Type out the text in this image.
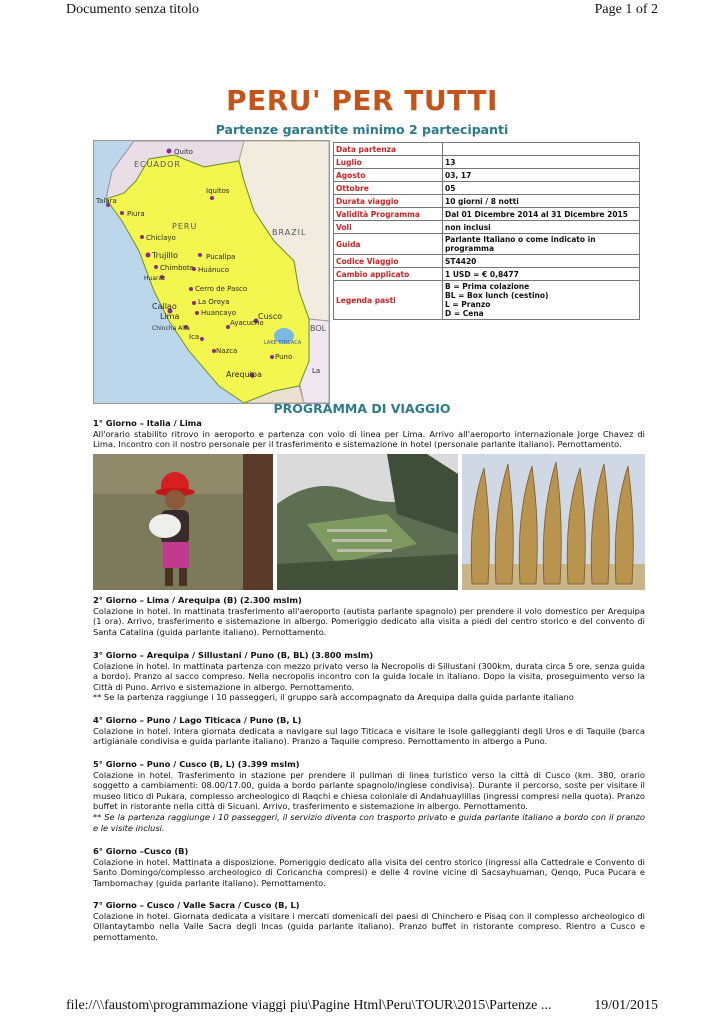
Documento senza titolo	Page 1 of 2
PERU' PER TUTTI
Partenze garantite minimo 2 partecipanti
Quito
ECUADOR
Iquitos
Talara
Piura
PERU
BRAZIL
Chiclayo
Trujillo	Pucallpa
Chimbote
Huaraz
Huánuco
Cerro de Pasco
La Oroya
Callao
Lima	Huancayo
Chincha Alta
Ica
Ayacucho
Cusco
Nazca
LAKE TITICACA
Puno
Arequipa
BOL
La
Data partenza	
Luglio	13
Agosto	03, 17
Ottobre	05
Durata viaggio	10 giorni / 8 notti
Validità Programma	Dal 01 Dicembre 2014 al 31 Dicembre 2015
Voli	non inclusi
Guida	Parlante Italiano o come indicato in programma
Codice Viaggio	ST4420
Cambio applicato	1 USD = € 0,8477
Legenda pasti	B = Prima colazione
BL = Box lunch (cestino)
L = Pranzo
D = Cena
PROGRAMMA DI VIAGGIO
1° Giorno – Italia / Lima

All'orario stabilito ritrovo in aeroporto e partenza con volo di linea per Lima. Arrivo all'aeroporto internazionale Jorge Chavez di Lima. Incontro con il nostro personale per il trasferimento e sistemazione in hotel (personale parlante italiano). Pernottamento.

2° Giorno – Lima / Arequipa (B) (2.300 mslm)

Colazione in hotel. In mattinata trasferimento all'aeroporto (autista parlante spagnolo) per prendere il volo domestico per Arequipa (1 ora). Arrivo, trasferimento e sistemazione in albergo. Pomeriggio dedicato alla visita a piedi del centro storico e del convento di Santa Catalina (guida parlante italiano). Pernottamento.

3° Giorno – Arequipa / Sillustani / Puno (B, BL) (3.800 mslm)

Colazione in hotel. In mattinata partenza con mezzo privato verso la Necropolis di Sillustani (300km, durata circa 5 ore, senza guida a bordo). Pranzo al sacco compreso. Nella necropolis incontro con la guida locale in italiano. Dopo la visita, proseguimento verso la Città di Puno. Arrivo e sistemazione in albergo. Pernottamento.

** Se la partenza raggiunge i 10 passeggeri, il gruppo sarà accompagnato da Arequipa dalla guida parlante italiano
4° Giorno – Puno / Lago Titicaca / Puno (B, L)

Colazione in hotel. Intera giornata dedicata a navigare sul lago Titicaca e visitare le isole galleggianti degli Uros e di Taquile (barca artigianale condivisa e guida parlante italiano). Pranzo a Taquile compreso. Pernottamento in albergo a Puno.

5° Giorno – Puno / Cusco (B, L) (3.399 mslm)

Colazione in hotel. Trasferimento in stazione per prendere il pullman di linea turistico verso la città di Cusco (km. 380, orario soggetto a cambiamenti: 08.00/17.00, guida a bordo parlante spagnolo/inglese condivisa). Durante il percorso, soste per visitare il museo litico di Pukara, complesso archeologico di Raqchi e chiesa coloniale di Andahuaylillas (ingressi compresi nella quota). Pranzo buffet in ristorante nella città di Sicuani. Arrivo, trasferimento e sistemazione in albergo. Pernottamento.

** Se la partenza raggiunge i 10 passeggeri, il servizio diventa con trasporto privato e guida parlante italiano a bordo con il pranzo e le visite inclusi.
6° Giorno –Cusco (B)

Colazione in hotel. Mattinata a disposizione. Pomeriggio dedicato alla visita del centro storico (ingressi alla Cattedrale e Convento di Santo Domingo/complesso archeologico di Coricancha compresi) e delle 4 rovine vicine di Sacsayhuaman, Qenqo, Puca Pucara e Tambomachay (guida parlante italiano). Pernottamento.

7° Giorno – Cusco / Valle Sacra / Cusco (B, L)

Colazione in hotel. Giornata dedicata a visitare i mercati domenicali dei paesi di Chinchero e Pisaq con il complesso archeologico di Ollantaytambo nella Valle Sacra degli Incas (guida parlante italiano). Pranzo buffet in ristorante compreso. Rientro a Cusco e pernottamento.

file://\\faustom\programmazione viaggi piu\Pagine Html\Peru\TOUR\2015\Partenze ...	19/01/2015
